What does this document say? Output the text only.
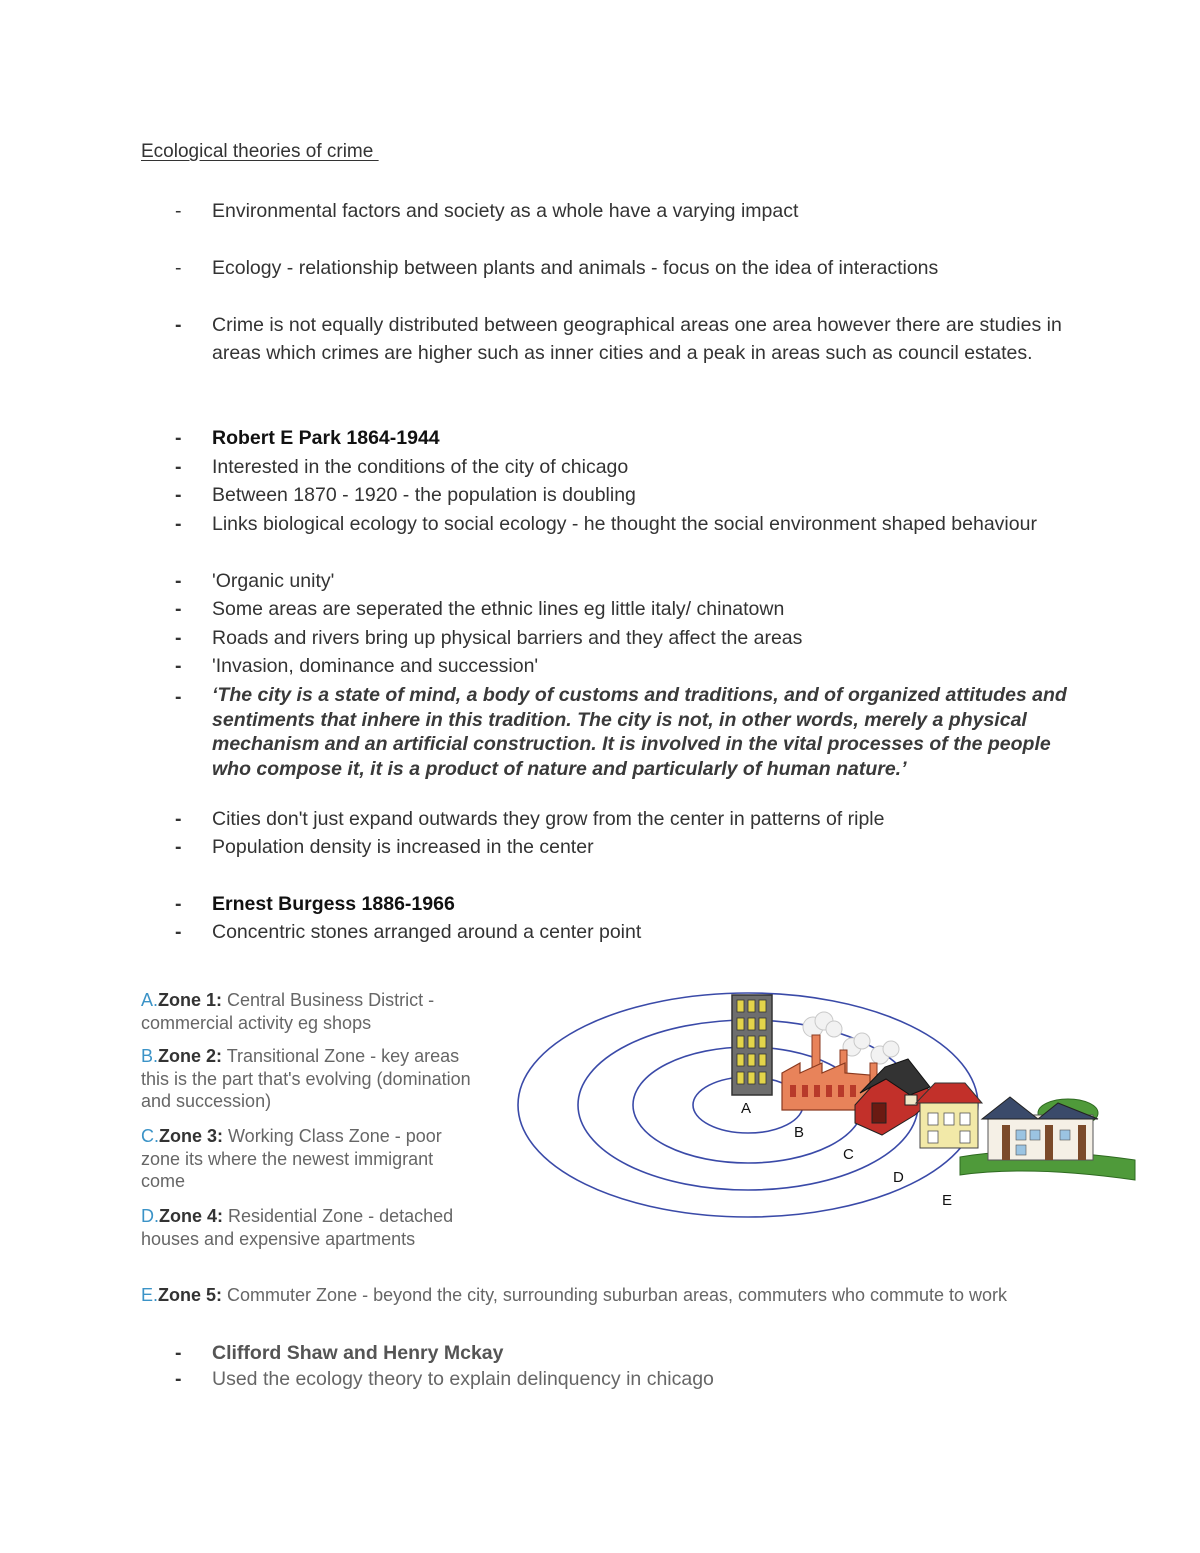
Ecological theories of crime
-	Environmental factors and society as a whole have a varying impact
-	Ecology - relationship between plants and animals - focus on the idea of interactions
-	Crime is not equally distributed between geographical areas one area however there are studies in areas which crimes are higher such as inner cities and a peak in areas such as council estates.
-	Robert E Park 1864-1944
-	Interested in the conditions of the city of chicago
-	Between 1870 - 1920 - the population is doubling
-	Links biological ecology to social ecology - he thought the social environment shaped behaviour
-	'Organic unity'
-	Some areas are seperated the ethnic lines eg little italy/ chinatown
-	Roads and rivers bring up physical barriers and they affect the areas
-	'Invasion, dominance and succession'
-	‘The city is a state of mind, a body of customs and traditions, and of organized attitudes and sentiments that inhere in this tradition. The city is not, in other words, merely a physical mechanism and an artificial construction. It is involved in the vital processes of the people who compose it, it is a product of nature and particularly of human nature.’
-	Cities don't just expand outwards they grow from the center in patterns of riple
-	Population density is increased in the center
-	Ernest Burgess 1886-1966
-	Concentric stones arranged around a center point
A.Zone 1: Central Business District - commercial activity eg shops
B.Zone 2: Transitional Zone - key areas this is the part that's evolving (domination and succession)
C.Zone 3: Working Class Zone - poor zone its where the newest immigrant come
D.Zone 4: Residential Zone - detached houses and expensive apartments
E.Zone 5: Commuter Zone - beyond the city, surrounding suburban areas, commuters who commute to work
-	Clifford Shaw and Henry Mckay
-	Used the ecology theory to explain delinquency in chicago
A
B
C
D
E
